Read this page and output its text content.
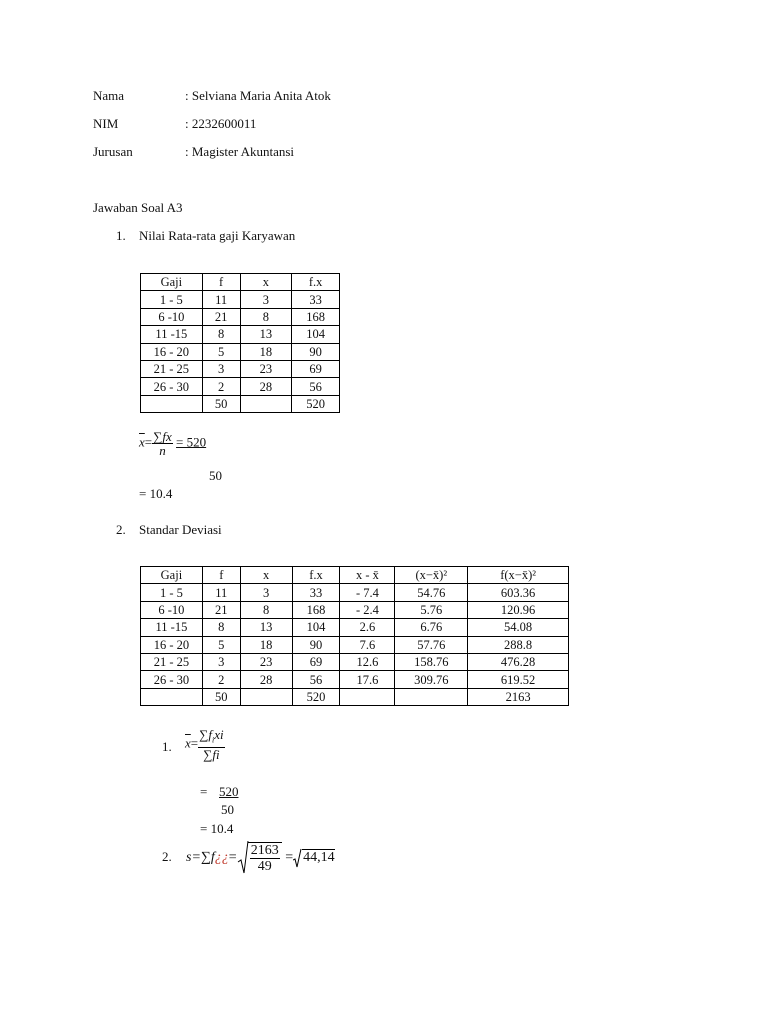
Nama	: Selviana Maria Anita Atok
NIM	: 2232600011
Jurusan	: Magister Akuntansi
Jawaban Soal A3
1. Nilai Rata-rata gaji Karyawan
Gaji	f	x	f.x
1 - 5	11	3	33
6 -10	21	8	168
11 -15	8	13	104
16 - 20	5	18	90
21 - 25	3	23	69
26 - 30	2	28	56
	50		520
$\overline{x}= \frac{\sum fx}{n} = 520$
50
= 10.4
2. Standar Deviasi
Gaji	f	x	f.x	x - x̄	(x−x̄)²	f(x−x̄)²
1 - 5	11	3	33	- 7.4	54.76	603.36
6 -10	21	8	168	- 2.4	5.76	120.96
11 -15	8	13	104	2.6	6.76	54.08
16 - 20	5	18	90	7.6	57.76	288.8
21 - 25	3	23	69	12.6	158.76	476.28
26 - 30	2	28	56	17.6	309.76	619.52
	50		520			2163
1. $\overline{x}= \frac{\sum f_ixi}{\sum fi}$
= 520
50
= 10.4
2. s=∑f¿¿= $\frac{2163}{49} = 44,14$
